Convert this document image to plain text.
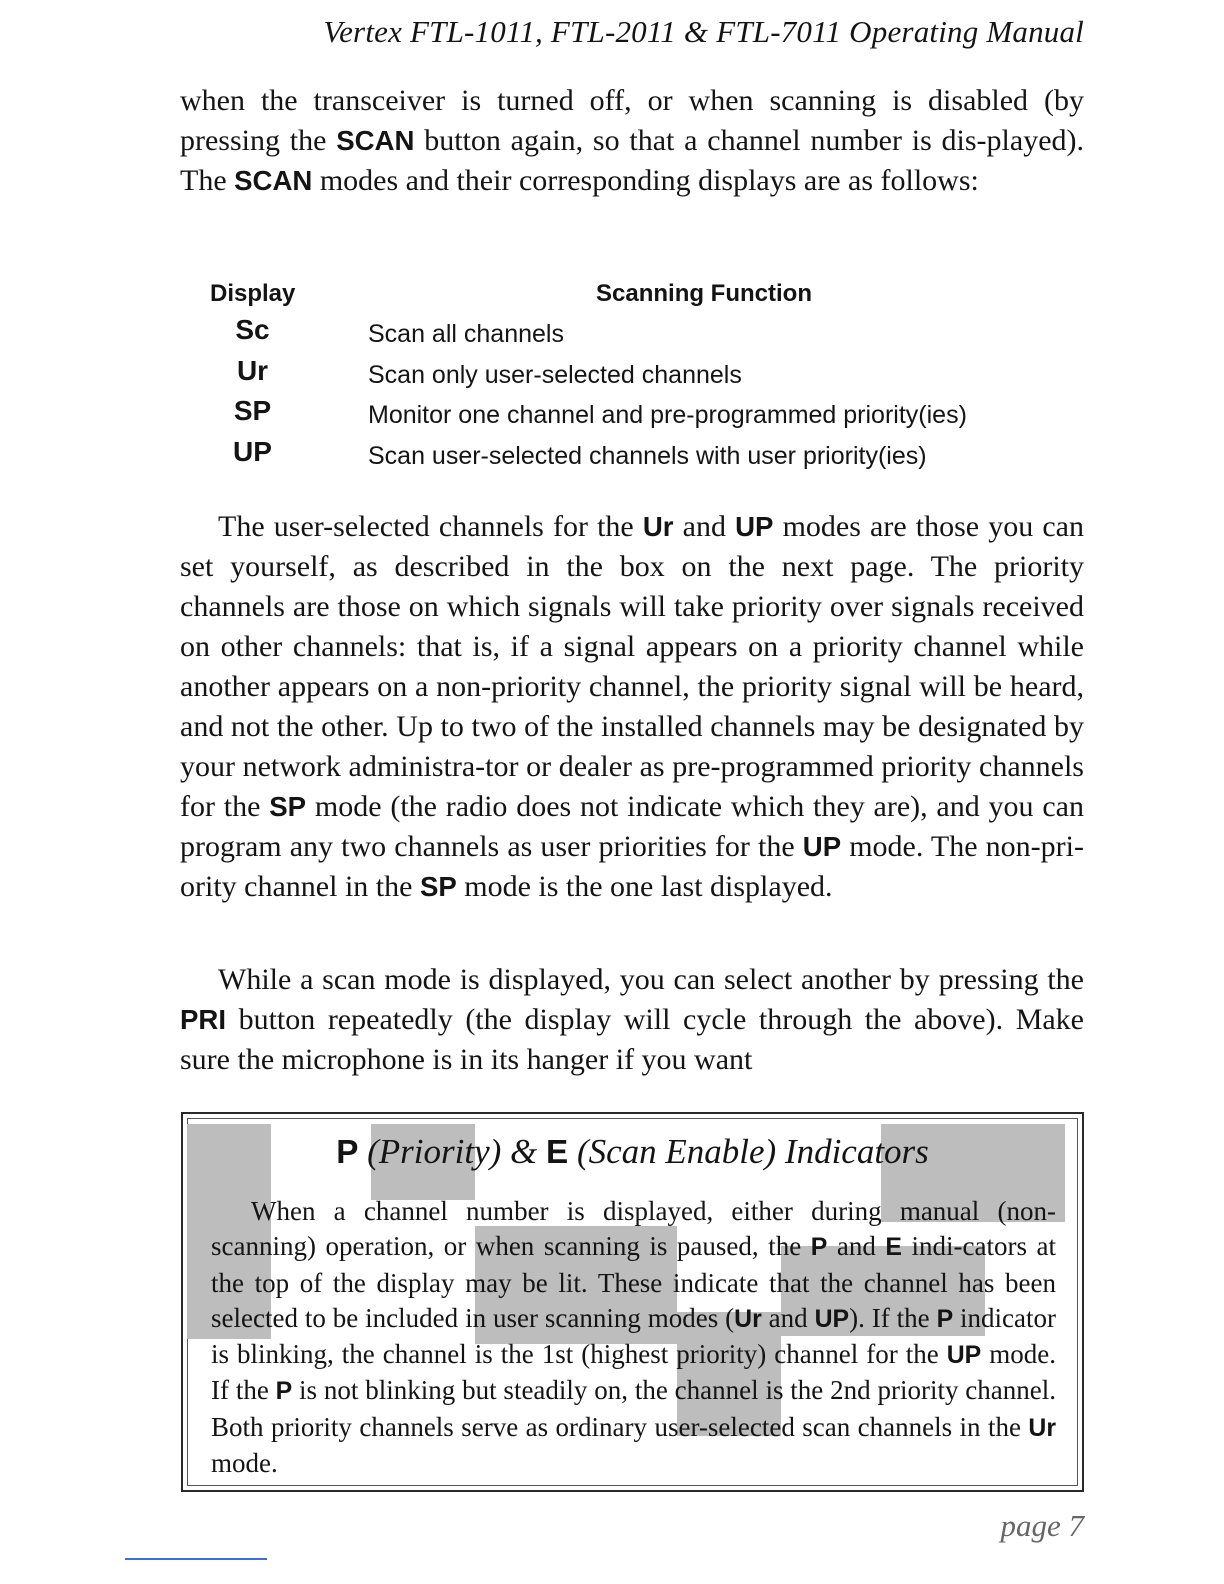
Vertex FTL-1011, FTL-2011 & FTL-7011 Operating Manual

when the transceiver is turned off, or when scanning is disabled (by pressing the SCAN button again, so that a channel number is dis-played). The SCAN modes and their corresponding displays are as follows:

Display	Scanning Function
Sc	Scan all channels
Ur	Scan only user-selected channels
SP	Monitor one channel and pre-programmed priority(ies)
UP	Scan user-selected channels with user priority(ies)

The user-selected channels for the Ur and UP modes are those you can set yourself, as described in the box on the next page. The priority channels are those on which signals will take priority over signals received on other channels: that is, if a signal appears on a priority channel while another appears on a non-priority channel, the priority signal will be heard, and not the other. Up to two of the installed channels may be designated by your network administra-tor or dealer as pre-programmed priority channels for the SP mode (the radio does not indicate which they are), and you can program any two channels as user priorities for the UP mode. The non-pri-ority channel in the SP mode is the one last displayed.

While a scan mode is displayed, you can select another by pressing the PRI button repeatedly (the display will cycle through the above). Make sure the microphone is in its hanger if you want

P (Priority) & E (Scan Enable) Indicators

When a channel number is displayed, either during manual (non-scanning) operation, or when scanning is paused, the P and E indi-cators at the top of the display may be lit. These indicate that the channel has been selected to be included in user scanning modes (Ur and UP). If the P indicator is blinking, the channel is the 1st (highest priority) channel for the UP mode. If the P is not blinking but steadily on, the channel is the 2nd priority channel. Both priority channels serve as ordinary user-selected scan channels in the Ur mode.

page 7
